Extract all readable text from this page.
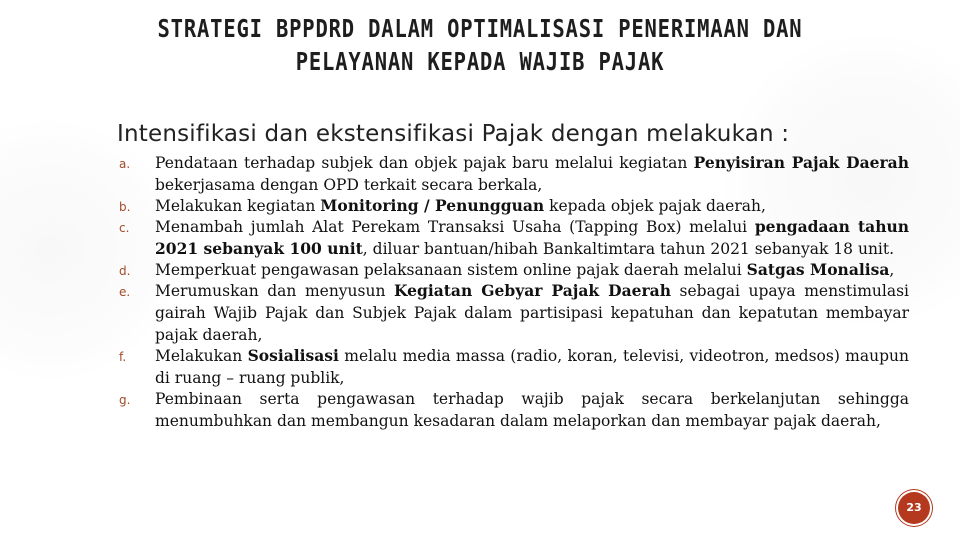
STRATEGI BPPDRD DALAM OPTIMALISASI PENERIMAAN DAN
PELAYANAN KEPADA WAJIB PAJAK
Intensifikasi dan ekstensifikasi Pajak dengan melakukan :
a. Pendataan terhadap subjek dan objek pajak baru melalui kegiatan Penyisiran Pajak Daerah bekerjasama dengan OPD terkait secara berkala,
b. Melakukan kegiatan Monitoring / Penungguan kepada objek pajak daerah,
c. Menambah jumlah Alat Perekam Transaksi Usaha (Tapping Box) melalui pengadaan tahun 2021 sebanyak 100 unit, diluar bantuan/hibah Bankaltimtara tahun 2021 sebanyak 18 unit.
d. Memperkuat pengawasan pelaksanaan sistem online pajak daerah melalui Satgas Monalisa,
e. Merumuskan dan menyusun Kegiatan Gebyar Pajak Daerah sebagai upaya menstimulasi gairah Wajib Pajak dan Subjek Pajak dalam partisipasi kepatuhan dan kepatutan membayar pajak daerah,
f. Melakukan Sosialisasi melalu media massa (radio, koran, televisi, videotron, medsos) maupun di ruang – ruang publik,
g. Pembinaan serta pengawasan terhadap wajib pajak secara berkelanjutan sehingga menumbuhkan dan membangun kesadaran dalam melaporkan dan membayar pajak daerah,
23
